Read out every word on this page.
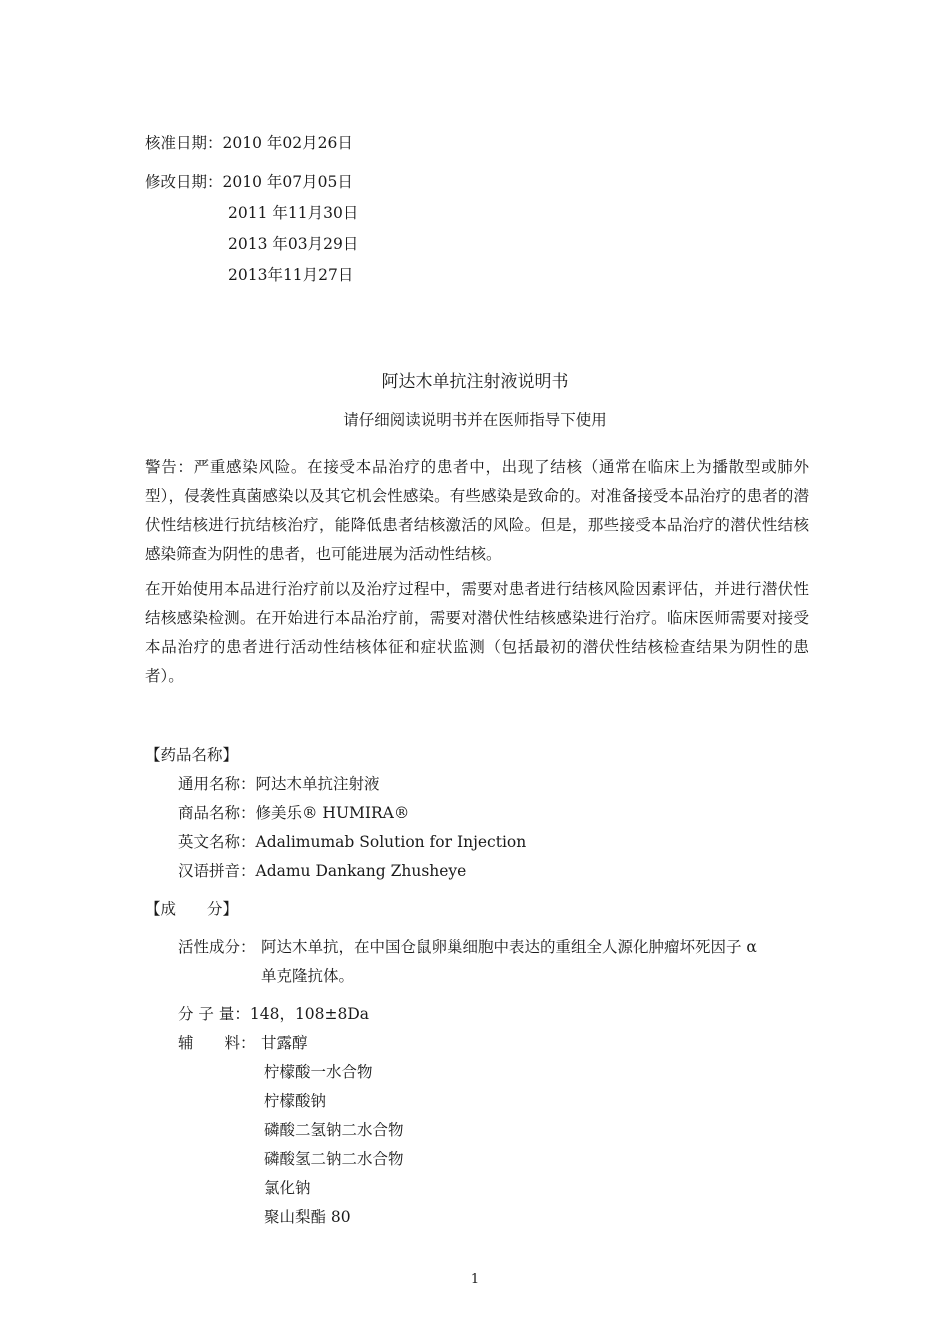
核准日期：2010 年02月26日
修改日期：2010 年07月05日
2011 年11月30日
2013 年03月29日
2013年11月27日
阿达木单抗注射液说明书
请仔细阅读说明书并在医师指导下使用
警告：严重感染风险。在接受本品治疗的患者中，出现了结核（通常在临床上为播散型或肺外型），侵袭性真菌感染以及其它机会性感染。有些感染是致命的。对准备接受本品治疗的患者的潜伏性结核进行抗结核治疗，能降低患者结核激活的风险。但是，那些接受本品治疗的潜伏性结核感染筛查为阴性的患者，也可能进展为活动性结核。
在开始使用本品进行治疗前以及治疗过程中，需要对患者进行结核风险因素评估，并进行潜伏性结核感染检测。在开始进行本品治疗前，需要对潜伏性结核感染进行治疗。临床医师需要对接受本品治疗的患者进行活动性结核体征和症状监测（包括最初的潜伏性结核检查结果为阴性的患者）。
【药品名称】
通用名称：阿达木单抗注射液
商品名称：修美乐® HUMIRA®
英文名称：Adalimumab Solution for Injection
汉语拼音：Adamu Dankang Zhusheye
【成　　分】
活性成分： 阿达木单抗，在中国仓鼠卵巢细胞中表达的重组全人源化肿瘤坏死因子 α
单克隆抗体。
分 子 量：148，108±8Da
辅　　料： 甘露醇
柠檬酸一水合物
柠檬酸钠
磷酸二氢钠二水合物
磷酸氢二钠二水合物
氯化钠
聚山梨酯 80
1
